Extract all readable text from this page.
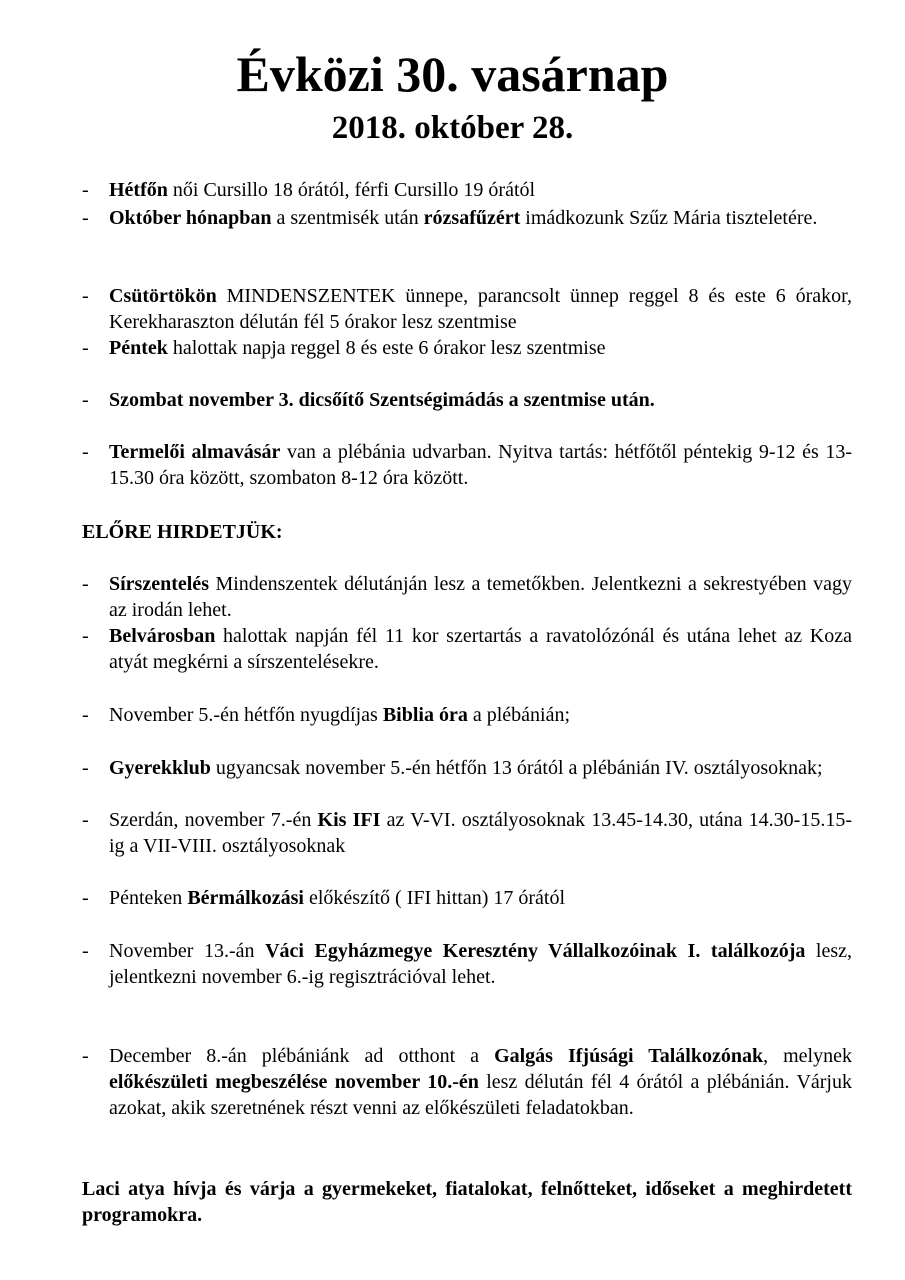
Évközi 30. vasárnap
2018. október 28.
- Hétfőn női Cursillo 18 órától, férfi Cursillo 19 órától
- Október hónapban a szentmisék után rózsafűzért imádkozunk Szűz Mária tiszteletére.
- Csütörtökön MINDENSZENTEK ünnepe, parancsolt ünnep reggel 8 és este 6 órakor, Kerekharaszton délután fél 5 órakor lesz szentmise
- Péntek halottak napja reggel 8 és este 6 órakor lesz szentmise
- Szombat november 3. dicsőítő Szentségimádás a szentmise után.
- Termelői almavásár van a plébánia udvarban. Nyitva tartás: hétfőtől péntekig 9-12 és 13-15.30 óra között, szombaton 8-12 óra között.
ELŐRE HIRDETJÜK:
- Sírszentelés Mindenszentek délutánján lesz a temetőkben. Jelentkezni a sekrestyében vagy az irodán lehet.
- Belvárosban halottak napján fél 11 kor szertartás a ravatolózónál és utána lehet az Koza atyát megkérni a sírszentelésekre.
- November 5.-én hétfőn nyugdíjas Biblia óra a plébánián;
- Gyerekklub ugyancsak november 5.-én hétfőn 13 órától a plébánián IV. osztályosoknak;
- Szerdán, november 7.-én Kis IFI az V-VI. osztályosoknak 13.45-14.30, utána 14.30-15.15-ig a VII-VIII. osztályosoknak
- Pénteken Bérmálkozási előkészítő ( IFI hittan) 17 órától
- November 13.-án Váci Egyházmegye Keresztény Vállalkozóinak I. találkozója lesz, jelentkezni november 6.-ig regisztrációval lehet.
- December 8.-án plébániánk ad otthont a Galgás Ifjúsági Találkozónak, melynek előkészületi megbeszélése november 10.-én lesz délután fél 4 órától a plébánián. Várjuk azokat, akik szeretnének részt venni az előkészületi feladatokban.
Laci atya hívja és várja a gyermekeket, fiatalokat, felnőtteket, időseket a meghirdetett programokra.
